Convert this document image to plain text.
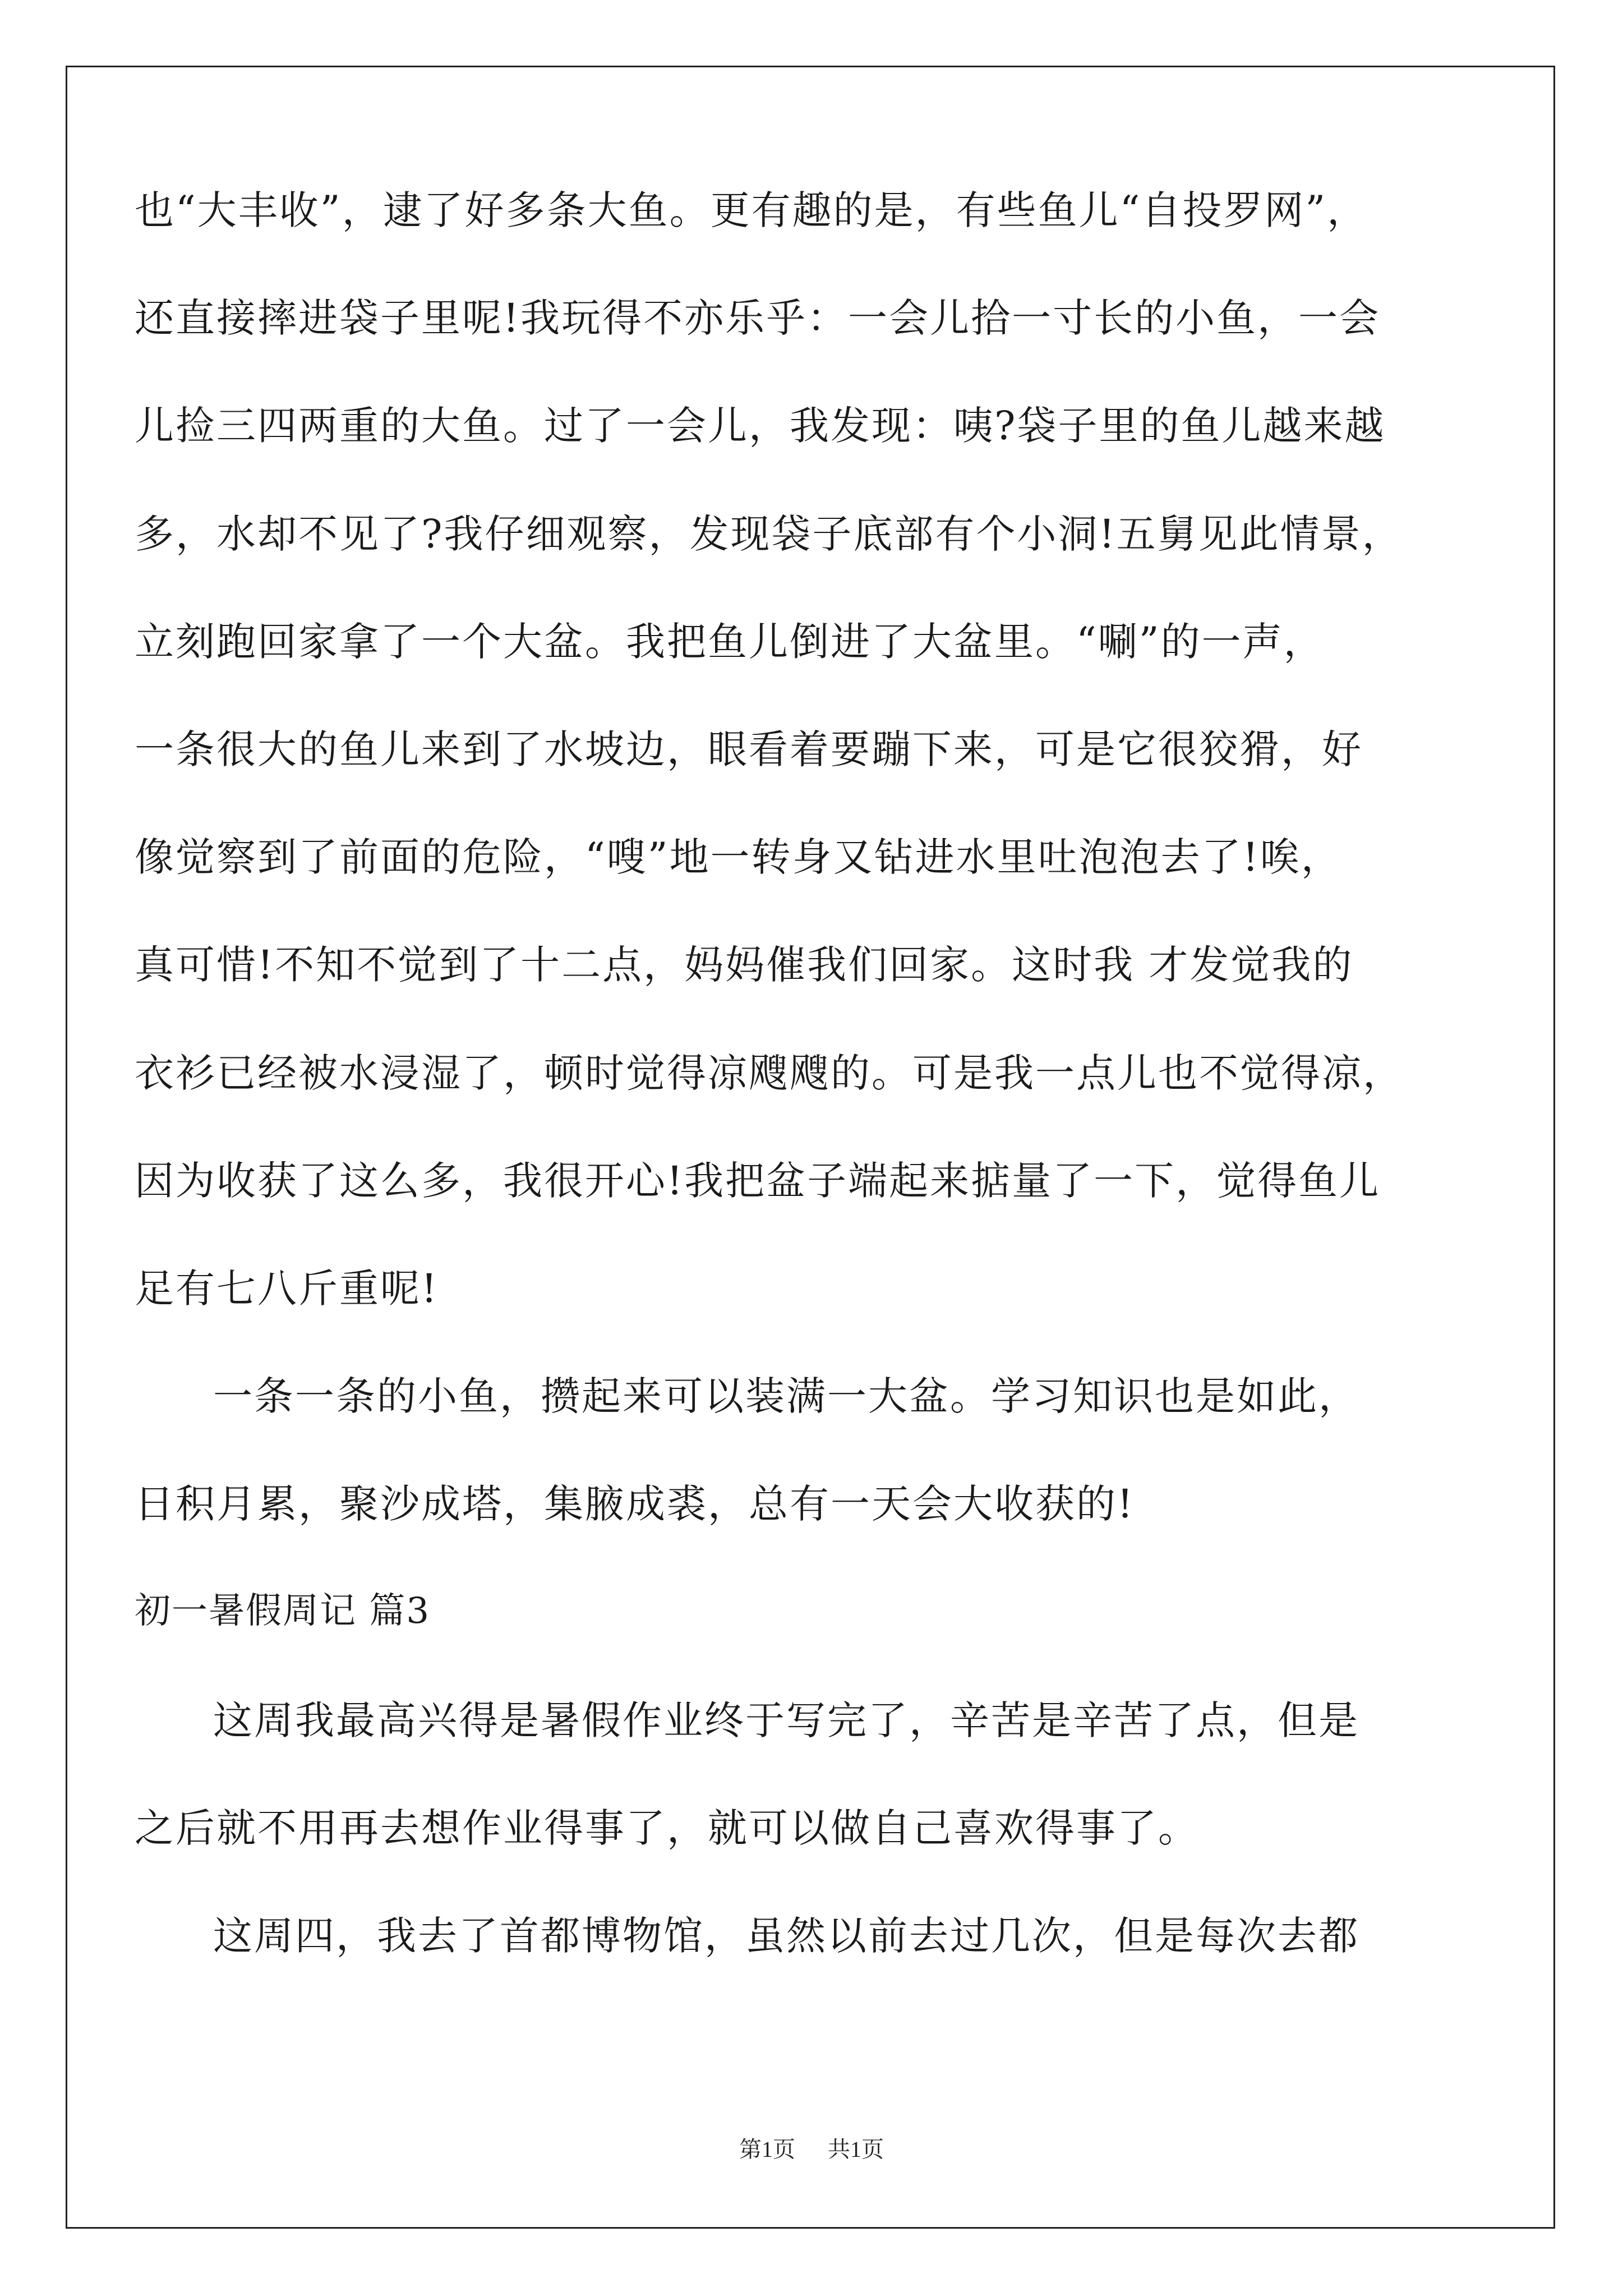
也“大丰收”，逮了好多条大鱼。更有趣的是，有些鱼儿“自投罗网”，
还直接摔进袋子里呢!我玩得不亦乐乎：一会儿拾一寸长的小鱼，一会
儿捡三四两重的大鱼。过了一会儿，我发现：咦?袋子里的鱼儿越来越
多，水却不见了?我仔细观察，发现袋子底部有个小洞!五舅见此情景，
立刻跑回家拿了一个大盆。我把鱼儿倒进了大盆里。“唰”的一声，
一条很大的鱼儿来到了水坡边，眼看着要蹦下来，可是它很狡猾，好
像觉察到了前面的危险，“嗖”地一转身又钻进水里吐泡泡去了!唉，
真可惜!不知不觉到了十二点，妈妈催我们回家。这时我 才发觉我的
衣衫已经被水浸湿了，顿时觉得凉飕飕的。可是我一点儿也不觉得凉，
因为收获了这么多，我很开心!我把盆子端起来掂量了一下，觉得鱼儿
足有七八斤重呢!
一条一条的小鱼，攒起来可以装满一大盆。学习知识也是如此，
日积月累，聚沙成塔，集腋成裘，总有一天会大收获的!
初一暑假周记 篇3
这周我最高兴得是暑假作业终于写完了，辛苦是辛苦了点，但是
之后就不用再去想作业得事了，就可以做自己喜欢得事了。
这周四，我去了首都博物馆，虽然以前去过几次，但是每次去都
第1页 共1页
